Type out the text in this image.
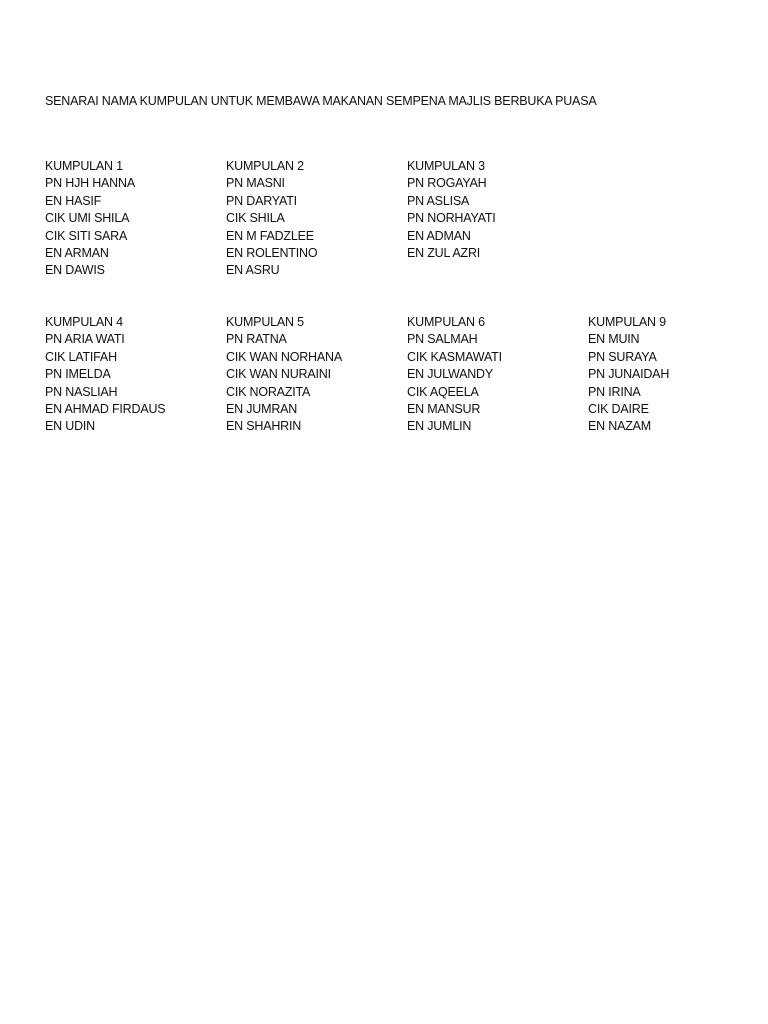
SENARAI NAMA KUMPULAN UNTUK MEMBAWA MAKANAN SEMPENA MAJLIS BERBUKA PUASA
KUMPULAN 1
PN HJH HANNA
EN HASIF
CIK UMI SHILA
CIK SITI SARA
EN ARMAN
EN DAWIS
KUMPULAN 2
PN MASNI
PN DARYATI
CIK SHILA
EN M FADZLEE
EN ROLENTINO
EN ASRU
KUMPULAN 3
PN ROGAYAH
PN ASLISA
PN NORHAYATI
EN ADMAN
EN ZUL AZRI
KUMPULAN 4
PN ARIA WATI
CIK LATIFAH
PN IMELDA
PN NASLIAH
EN AHMAD FIRDAUS
EN UDIN
KUMPULAN 5
PN RATNA
CIK WAN NORHANA
CIK WAN NURAINI
CIK NORAZITA
EN JUMRAN
EN SHAHRIN
KUMPULAN 6
PN SALMAH
CIK KASMAWATI
EN JULWANDY
CIK AQEELA
EN MANSUR
EN JUMLIN
KUMPULAN 9
EN MUIN
PN SURAYA
PN JUNAIDAH
PN IRINA
CIK DAIRE
EN NAZAM
